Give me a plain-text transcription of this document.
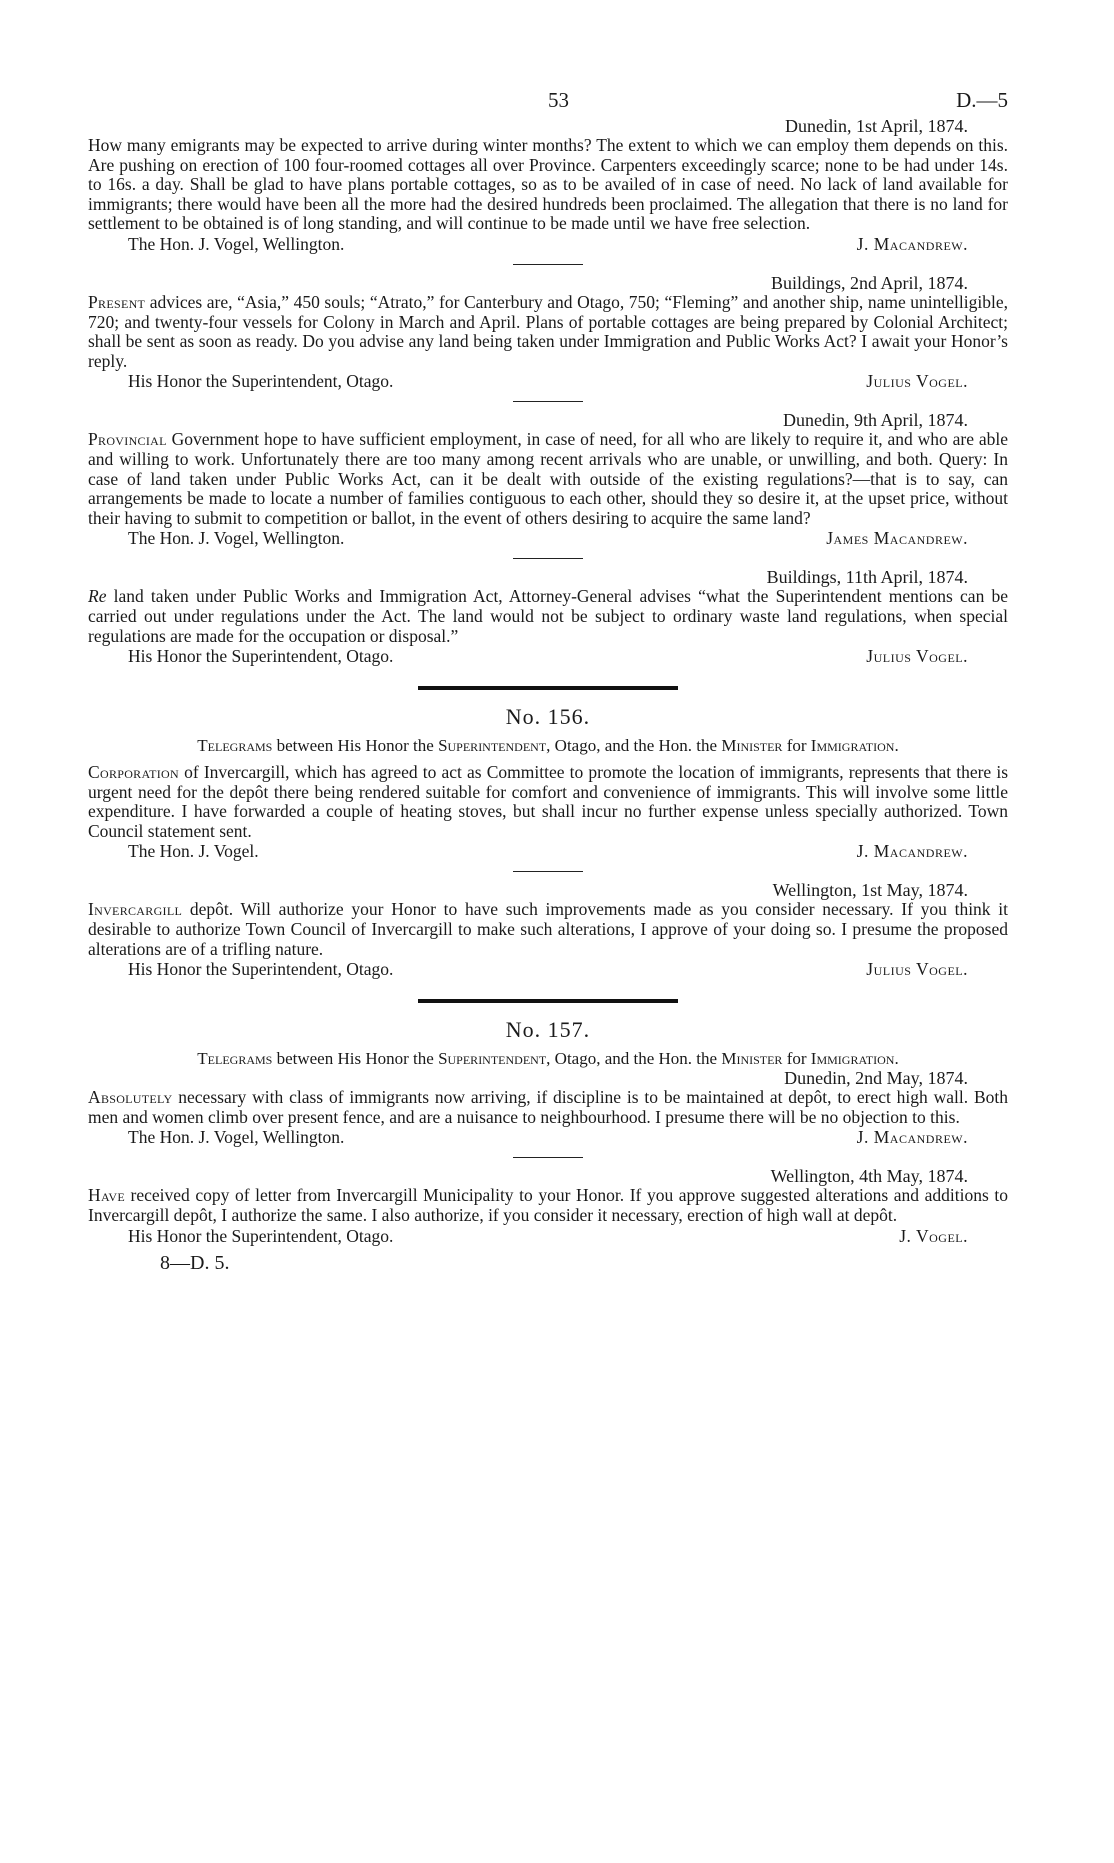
53	D.—5
Dunedin, 1st April, 1874.
How many emigrants may be expected to arrive during winter months? The extent to which we can employ them depends on this. Are pushing on erection of 100 four-roomed cottages all over Province. Carpenters exceedingly scarce; none to be had under 14s. to 16s. a day. Shall be glad to have plans portable cottages, so as to be availed of in case of need. No lack of land available for immigrants; there would have been all the more had the desired hundreds been proclaimed. The allegation that there is no land for settlement to be obtained is of long standing, and will continue to be made until we have free selection.
The Hon. J. Vogel, Wellington.	J. Macandrew.
Buildings, 2nd April, 1874.
Present advices are, “Asia,” 450 souls; “Atrato,” for Canterbury and Otago, 750; “Fleming” and another ship, name unintelligible, 720; and twenty-four vessels for Colony in March and April. Plans of portable cottages are being prepared by Colonial Architect; shall be sent as soon as ready. Do you advise any land being taken under Immigration and Public Works Act? I await your Honor’s reply.
His Honor the Superintendent, Otago.	Julius Vogel.
Dunedin, 9th April, 1874.
Provincial Government hope to have sufficient employment, in case of need, for all who are likely to require it, and who are able and willing to work. Unfortunately there are too many among recent arrivals who are unable, or unwilling, and both. Query: In case of land taken under Public Works Act, can it be dealt with outside of the existing regulations?—that is to say, can arrangements be made to locate a number of families contiguous to each other, should they so desire it, at the upset price, without their having to submit to competition or ballot, in the event of others desiring to acquire the same land?
The Hon. J. Vogel, Wellington.	James Macandrew.
Buildings, 11th April, 1874.
Re land taken under Public Works and Immigration Act, Attorney-General advises “what the Superintendent mentions can be carried out under regulations under the Act. The land would not be subject to ordinary waste land regulations, when special regulations are made for the occupation or disposal.”
His Honor the Superintendent, Otago.	Julius Vogel.
No. 156.
Telegrams between His Honor the Superintendent, Otago, and the Hon. the Minister for Immigration.
Corporation of Invercargill, which has agreed to act as Committee to promote the location of immigrants, represents that there is urgent need for the depôt there being rendered suitable for comfort and convenience of immigrants. This will involve some little expenditure. I have forwarded a couple of heating stoves, but shall incur no further expense unless specially authorized. Town Council statement sent.
The Hon. J. Vogel.	J. Macandrew.
Wellington, 1st May, 1874.
Invercargill depôt. Will authorize your Honor to have such improvements made as you consider necessary. If you think it desirable to authorize Town Council of Invercargill to make such alterations, I approve of your doing so. I presume the proposed alterations are of a trifling nature.
His Honor the Superintendent, Otago.	Julius Vogel.
No. 157.
Telegrams between His Honor the Superintendent, Otago, and the Hon. the Minister for Immigration.
Dunedin, 2nd May, 1874.
Absolutely necessary with class of immigrants now arriving, if discipline is to be maintained at depôt, to erect high wall. Both men and women climb over present fence, and are a nuisance to neighbourhood. I presume there will be no objection to this.
The Hon. J. Vogel, Wellington.	J. Macandrew.
Wellington, 4th May, 1874.
Have received copy of letter from Invercargill Municipality to your Honor. If you approve suggested alterations and additions to Invercargill depôt, I authorize the same. I also authorize, if you consider it necessary, erection of high wall at depôt.
His Honor the Superintendent, Otago.	J. Vogel.
8—D. 5.
